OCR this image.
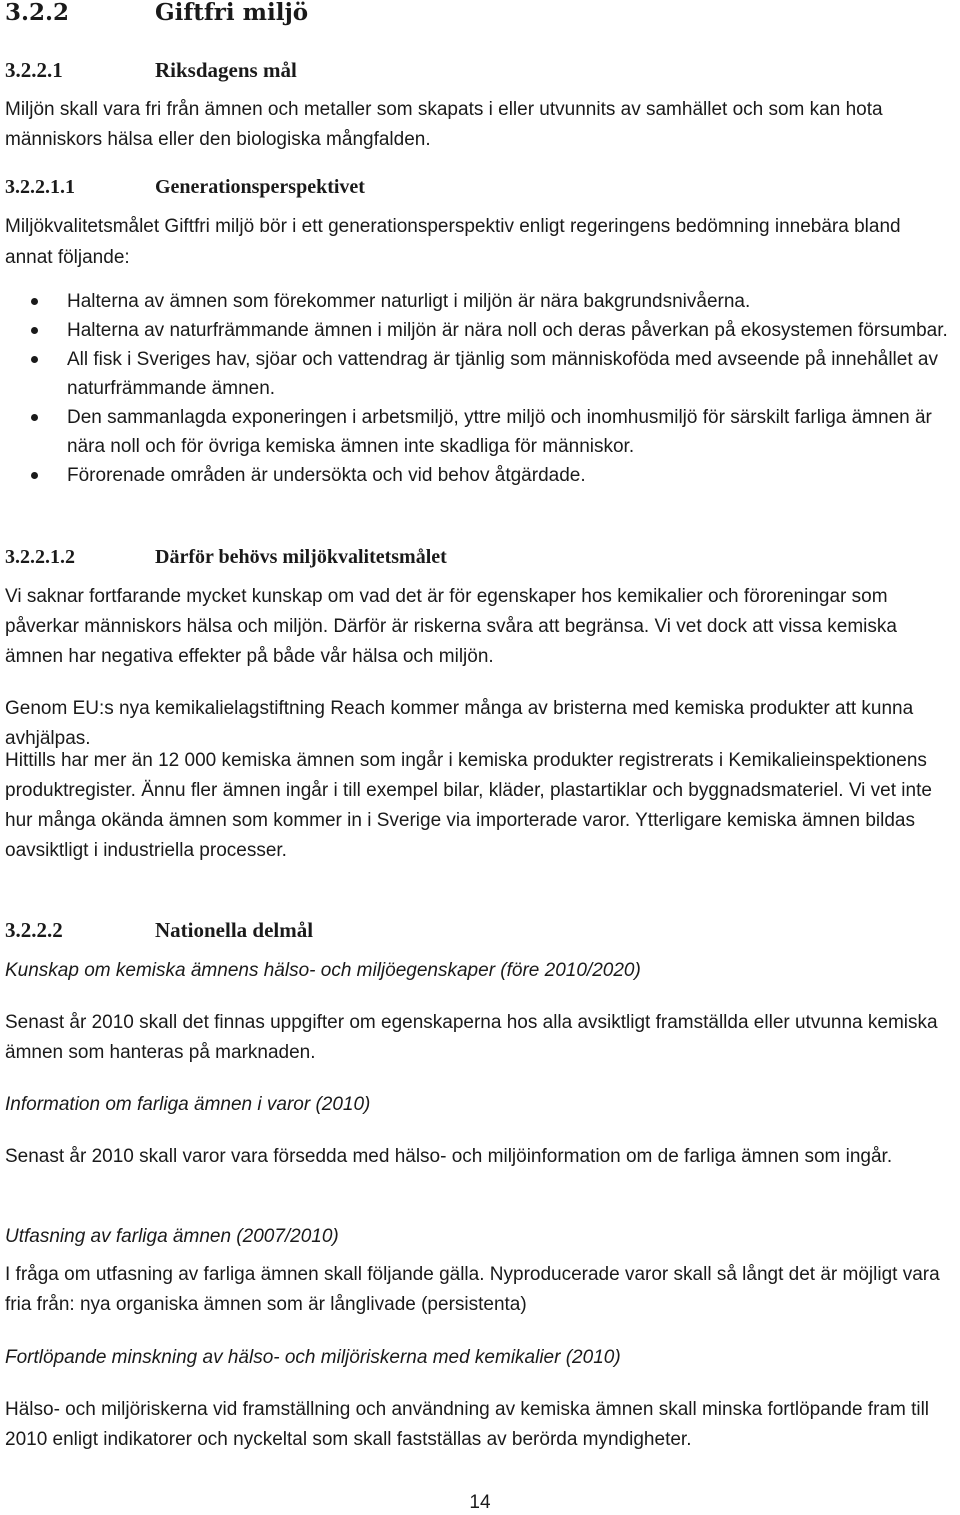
3.2.2	Giftfri miljö
3.2.2.1	Riksdagens mål

Miljön skall vara fri från ämnen och metaller som skapats i eller utvunnits av samhället och som kan hota människors hälsa eller den biologiska mångfalden.

3.2.2.1.1	Generationsperspektivet

Miljökvalitetsmålet Giftfri miljö bör i ett generationsperspektiv enligt regeringens bedömning innebära bland annat följande:

Halterna av ämnen som förekommer naturligt i miljön är nära bakgrundsnivåerna.
Halterna av naturfrämmande ämnen i miljön är nära noll och deras påverkan på ekosystemen försumbar.
All fisk i Sveriges hav, sjöar och vattendrag är tjänlig som människoföda med avseende på innehållet av naturfrämmande ämnen.
Den sammanlagda exponeringen i arbetsmiljö, yttre miljö och inomhusmiljö för särskilt farliga ämnen är nära noll och för övriga kemiska ämnen inte skadliga för människor.
Förorenade områden är undersökta och vid behov åtgärdade.
3.2.2.1.2	Därför behövs miljökvalitetsmålet

Vi saknar fortfarande mycket kunskap om vad det är för egenskaper hos kemikalier och föroreningar som påverkar människors hälsa och miljön. Därför är riskerna svåra att begränsa. Vi vet dock att vissa kemiska ämnen har negativa effekter på både vår hälsa och miljön.

Genom EU:s nya kemikalielagstiftning Reach kommer många av bristerna med kemiska produkter att kunna avhjälpas.

Hittills har mer än 12 000 kemiska ämnen som ingår i kemiska produkter registrerats i Kemikalieinspektionens produktregister. Ännu fler ämnen ingår i till exempel bilar, kläder, plastartiklar och byggnadsmateriel. Vi vet inte hur många okända ämnen som kommer in i Sverige via importerade varor. Ytterligare kemiska ämnen bildas oavsiktligt i industriella processer.

3.2.2.2	Nationella delmål

Kunskap om kemiska ämnens hälso- och miljöegenskaper (före 2010/2020)

Senast år 2010 skall det finnas uppgifter om egenskaperna hos alla avsiktligt framställda eller utvunna kemiska ämnen som hanteras på marknaden.

Information om farliga ämnen i varor (2010)

Senast år 2010 skall varor vara försedda med hälso- och miljöinformation om de farliga ämnen som ingår.

Utfasning av farliga ämnen (2007/2010)

I fråga om utfasning av farliga ämnen skall följande gälla. Nyproducerade varor skall så långt det är möjligt vara fria från: nya organiska ämnen som är långlivade (persistenta)

Fortlöpande minskning av hälso- och miljöriskerna med kemikalier (2010)

Hälso- och miljöriskerna vid framställning och användning av kemiska ämnen skall minska fortlöpande fram till 2010 enligt indikatorer och nyckeltal som skall fastställas av berörda myndigheter.

14
